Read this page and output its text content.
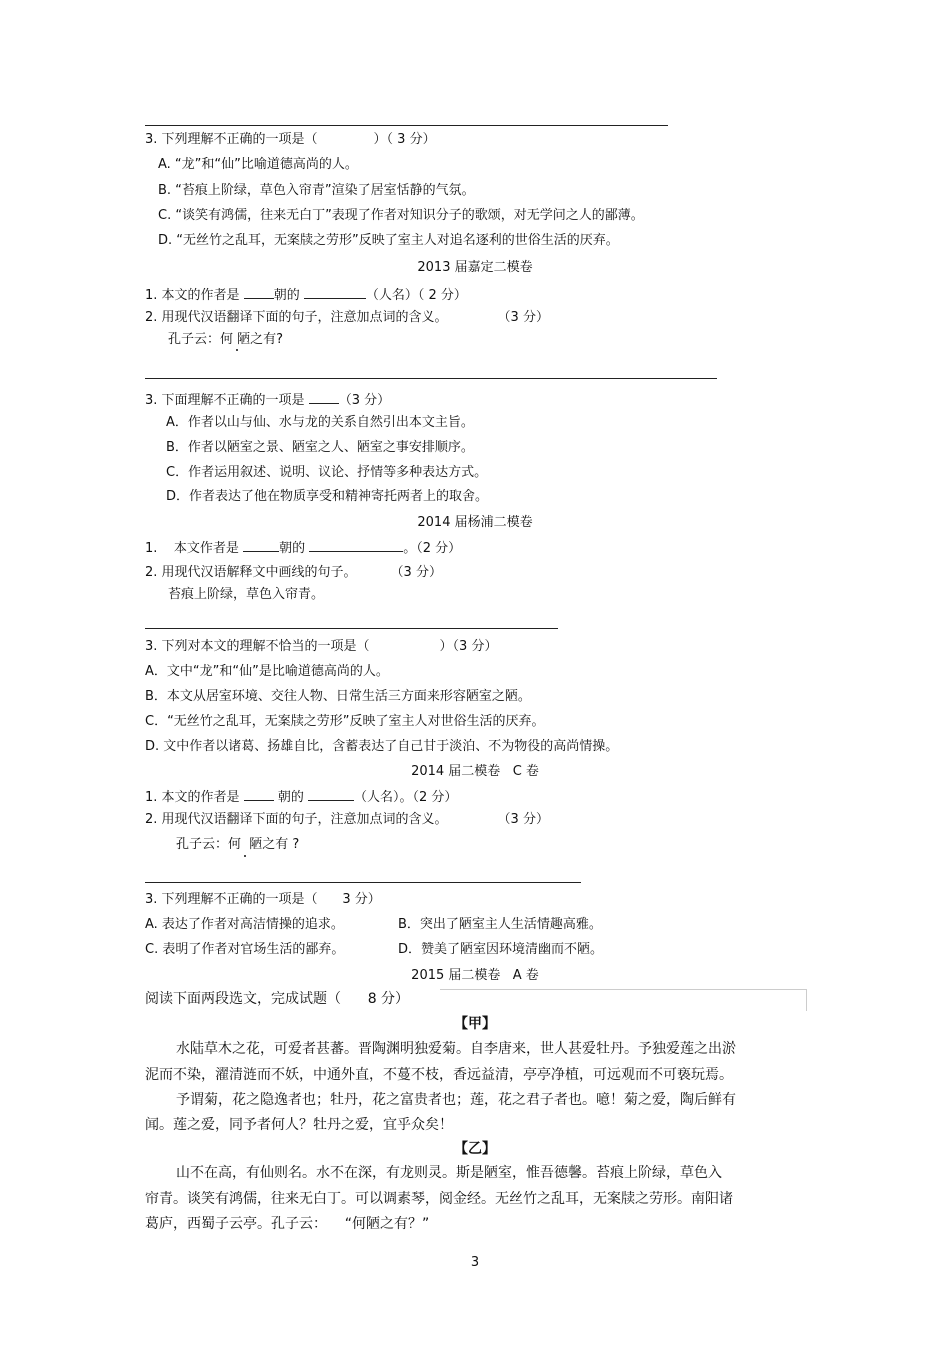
3. 下列理解不正确的一项是（	）（ 3 分）
A. “龙”和“仙”比喻道德高尚的人。
B. “苔痕上阶绿，草色入帘青”渲染了居室恬静的气氛。
C. “谈笑有鸿儒，往来无白丁”表现了作者对知识分子的歌颂，对无学问之人的鄙薄。
D. “无丝竹之乱耳，无案牍之劳形”反映了室主人对追名逐利的世俗生活的厌弃。
2013 届嘉定二模卷
1. 本文的作者是	朝的	（人名）（ 2 分）
2. 用现代汉语翻译下面的句子，注意加点词的含义。	（3 分）
孔子云：何 陋之有?
3. 下面理解不正确的一项是	（3 分）
A．作者以山与仙、水与龙的关系自然引出本文主旨。
B．作者以陋室之景、陋室之人、陋室之事安排顺序。
C．作者运用叙述、说明、议论、抒情等多种表达方式。
D．作者表达了他在物质享受和精神寄托两者上的取舍。
2014 届杨浦二模卷
1.    本文作者是	朝的	。（2 分）
2. 用现代汉语解释文中画线的句子。	（3 分）
苔痕上阶绿，草色入帘青。
3. 下列对本文的理解不恰当的一项是（	）（3 分）
A．文中“龙”和“仙”是比喻道德高尚的人。
B．本文从居室环境、交往人物、日常生活三方面来形容陋室之陋。
C．“无丝竹之乱耳，无案牍之劳形”反映了室主人对世俗生活的厌弃。
D. 文中作者以诸葛、扬雄自比，含蓄表达了自己甘于淡泊、不为物役的高尚情操。
2014 届二模卷   C 卷
1. 本文的作者是	朝的	（人名）。（2 分）
2. 用现代汉语翻译下面的句子，注意加点词的含义。	（3 分）
孔子云：何  陋之有 ?
3. 下列理解不正确的一项是（      3 分）
A. 表达了作者对高洁情操的追求。	B．突出了陋室主人生活情趣高雅。
C. 表明了作者对官场生活的鄙弃。	D．赞美了陋室因环境清幽而不陋。
2015 届二模卷   A 卷
阅读下面两段选文，完成试题（      8 分）
【甲】
水陆草木之花，可爱者甚蕃。晋陶渊明独爱菊。自李唐来，世人甚爱牡丹。予独爱莲之出淤
泥而不染，濯清涟而不妖，中通外直，不蔓不枝，香远益清，亭亭净植，可远观而不可亵玩焉。
予谓菊，花之隐逸者也；牡丹，花之富贵者也；莲，花之君子者也。噫！菊之爱，陶后鲜有
闻。莲之爱，同予者何人？牡丹之爱，宜乎众矣！
【乙】
山不在高，有仙则名。水不在深，有龙则灵。斯是陋室，惟吾德馨。苔痕上阶绿，草色入
帘青。谈笑有鸿儒，往来无白丁。可以调素琴，阅金经。无丝竹之乱耳，无案牍之劳形。南阳诸
葛庐，西蜀子云亭。孔子云：    “何陋之有？”
3
